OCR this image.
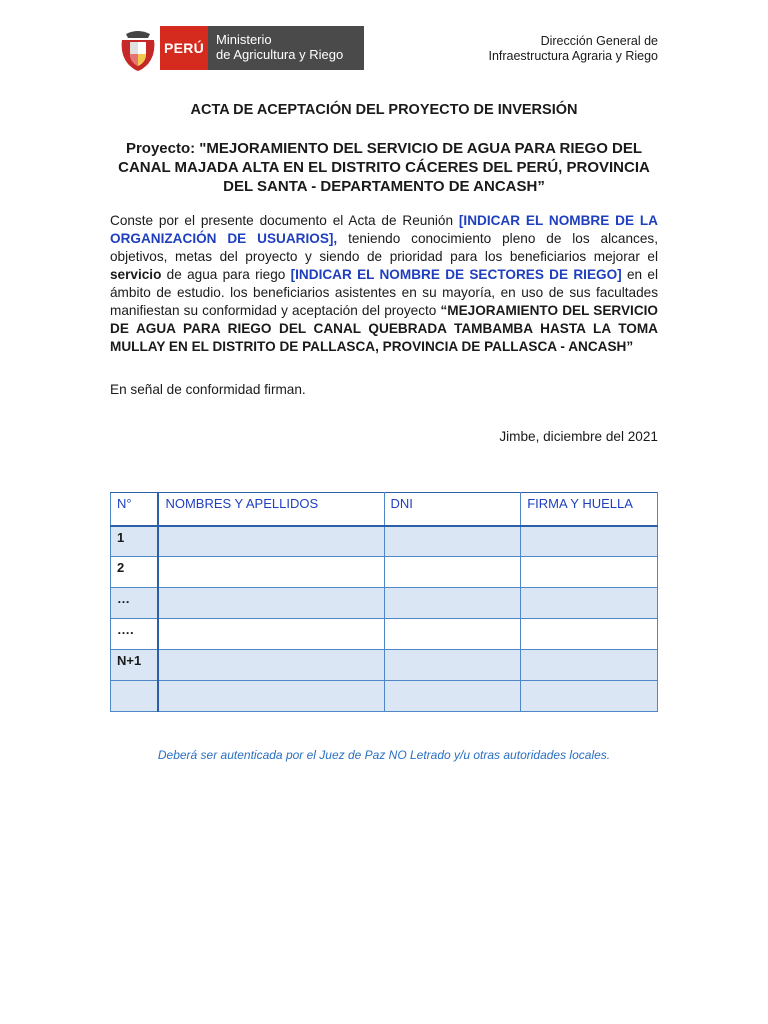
PERÚ
Ministerio
de Agricultura y Riego
Dirección General de
Infraestructura Agraria y Riego
ACTA DE ACEPTACIÓN DEL PROYECTO DE INVERSIÓN
Proyecto: "MEJORAMIENTO DEL SERVICIO DE AGUA PARA RIEGO DEL CANAL MAJADA ALTA EN EL DISTRITO CÁCERES DEL PERÚ, PROVINCIA DEL SANTA - DEPARTAMENTO DE ANCASH”
Conste por el presente documento el Acta de Reunión [INDICAR EL NOMBRE DE LA ORGANIZACIÓN DE USUARIOS], teniendo conocimiento pleno de los alcances, objetivos, metas del proyecto y siendo de prioridad para los beneficiarios mejorar el servicio de agua para riego [INDICAR EL NOMBRE DE SECTORES DE RIEGO] en el ámbito de estudio. los beneficiarios asistentes en su mayoría, en uso de sus facultades manifiestan su conformidad y aceptación del proyecto “MEJORAMIENTO DEL SERVICIO DE AGUA PARA RIEGO DEL CANAL QUEBRADA TAMBAMBA HASTA LA TOMA MULLAY EN EL DISTRITO DE PALLASCA, PROVINCIA DE PALLASCA - ANCASH”
En señal de conformidad firman.
Jimbe, diciembre del 2021
N°	NOMBRES Y APELLIDOS	DNI	FIRMA Y HUELLA
1			
2			
…			
….			
N+1			

Deberá ser autenticada por el Juez de Paz NO Letrado y/u otras autoridades locales.
